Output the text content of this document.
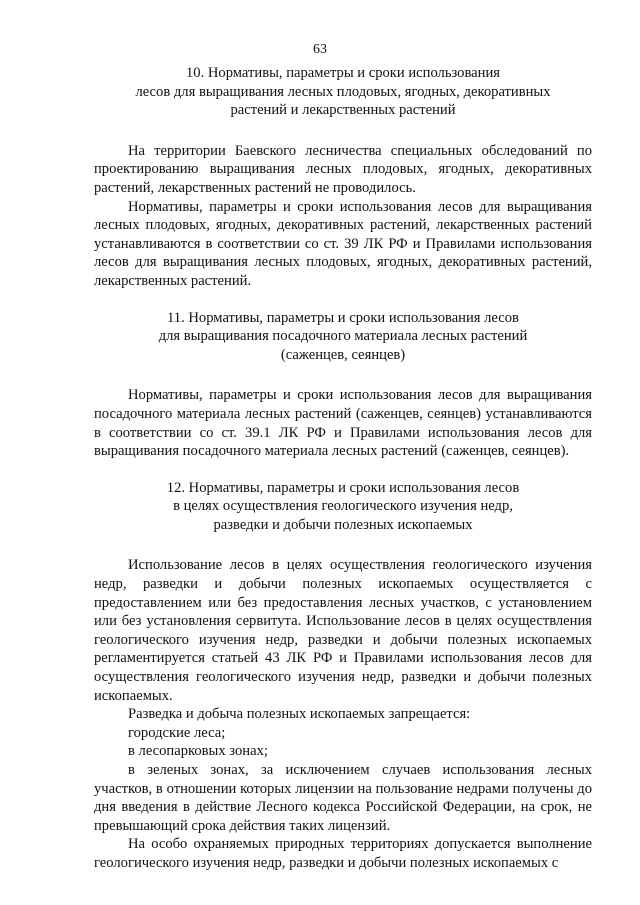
63
10. Нормативы, параметры и сроки использования
лесов для выращивания лесных плодовых, ягодных, декоративных
растений и лекарственных растений

На территории Баевского лесничества специальных обследований по проектированию выращивания лесных плодовых, ягодных, декоративных растений, лекарственных растений не проводилось.

Нормативы, параметры и сроки использования лесов для выращивания лесных плодовых, ягодных, декоративных растений, лекарственных растений устанавливаются в соответствии со ст. 39 ЛК РФ и Правилами использования лесов для выращивания лесных плодовых, ягодных, декоративных растений, лекарственных растений.

11. Нормативы, параметры и сроки использования лесов
для выращивания посадочного материала лесных растений
(саженцев, сеянцев)

Нормативы, параметры и сроки использования лесов для выращивания посадочного материала лесных растений (саженцев, сеянцев) устанавливаются в соответствии со ст. 39.1 ЛК РФ и Правилами использования лесов для выращивания посадочного материала лесных растений (саженцев, сеянцев).

12. Нормативы, параметры и сроки использования лесов
в целях осуществления геологического изучения недр,
разведки и добычи полезных ископаемых

Использование лесов в целях осуществления геологического изучения недр, разведки и добычи полезных ископаемых осуществляется с предоставлением или без предоставления лесных участков, с установлением или без установления сервитута. Использование лесов в целях осуществления геологического изучения недр, разведки и добычи полезных ископаемых регламентируется статьей 43 ЛК РФ и Правилами использования лесов для осуществления геологического изучения недр, разведки и добычи полезных ископаемых.

Разведка и добыча полезных ископаемых запрещается:

городские леса;

в лесопарковых зонах;

в зеленых зонах, за исключением случаев использования лесных участков, в отношении которых лицензии на пользование недрами получены до дня введения в действие Лесного кодекса Российской Федерации, на срок, не превышающий срока действия таких лицензий.

На особо охраняемых природных территориях допускается выполнение геологического изучения недр, разведки и добычи полезных ископаемых с
